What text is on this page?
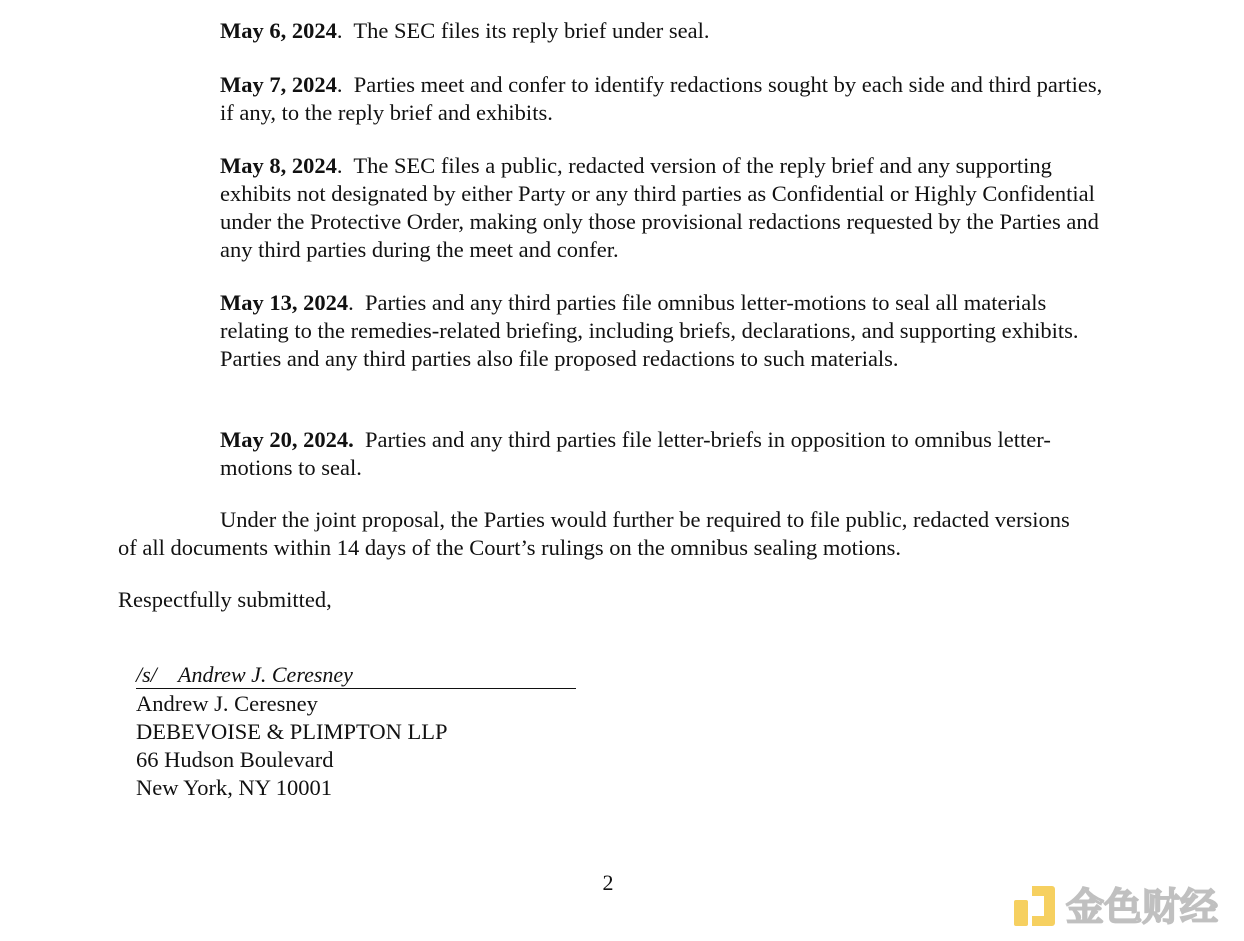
May 6, 2024.  The SEC files its reply brief under seal.

May 7, 2024.  Parties meet and confer to identify redactions sought by each side and third parties, if any, to the reply brief and exhibits.

May 8, 2024.  The SEC files a public, redacted version of the reply brief and any supporting exhibits not designated by either Party or any third parties as Confidential or Highly Confidential under the Protective Order, making only those provisional redactions requested by the Parties and any third parties during the meet and confer.

May 13, 2024.  Parties and any third parties file omnibus letter-motions to seal all materials relating to the remedies-related briefing, including briefs, declarations, and supporting exhibits.  Parties and any third parties also file proposed redactions to such materials.

May 20, 2024.  Parties and any third parties file letter-briefs in opposition to omnibus letter-motions to seal.

Under the joint proposal, the Parties would further be required to file public, redacted versions of all documents within 14 days of the Court’s rulings on the omnibus sealing motions.

Respectfully submitted,

/s/ Andrew J. Ceresney
Andrew J. Ceresney
DEBEVOISE & PLIMPTON LLP
66 Hudson Boulevard
New York, NY 10001
2
金色财经
